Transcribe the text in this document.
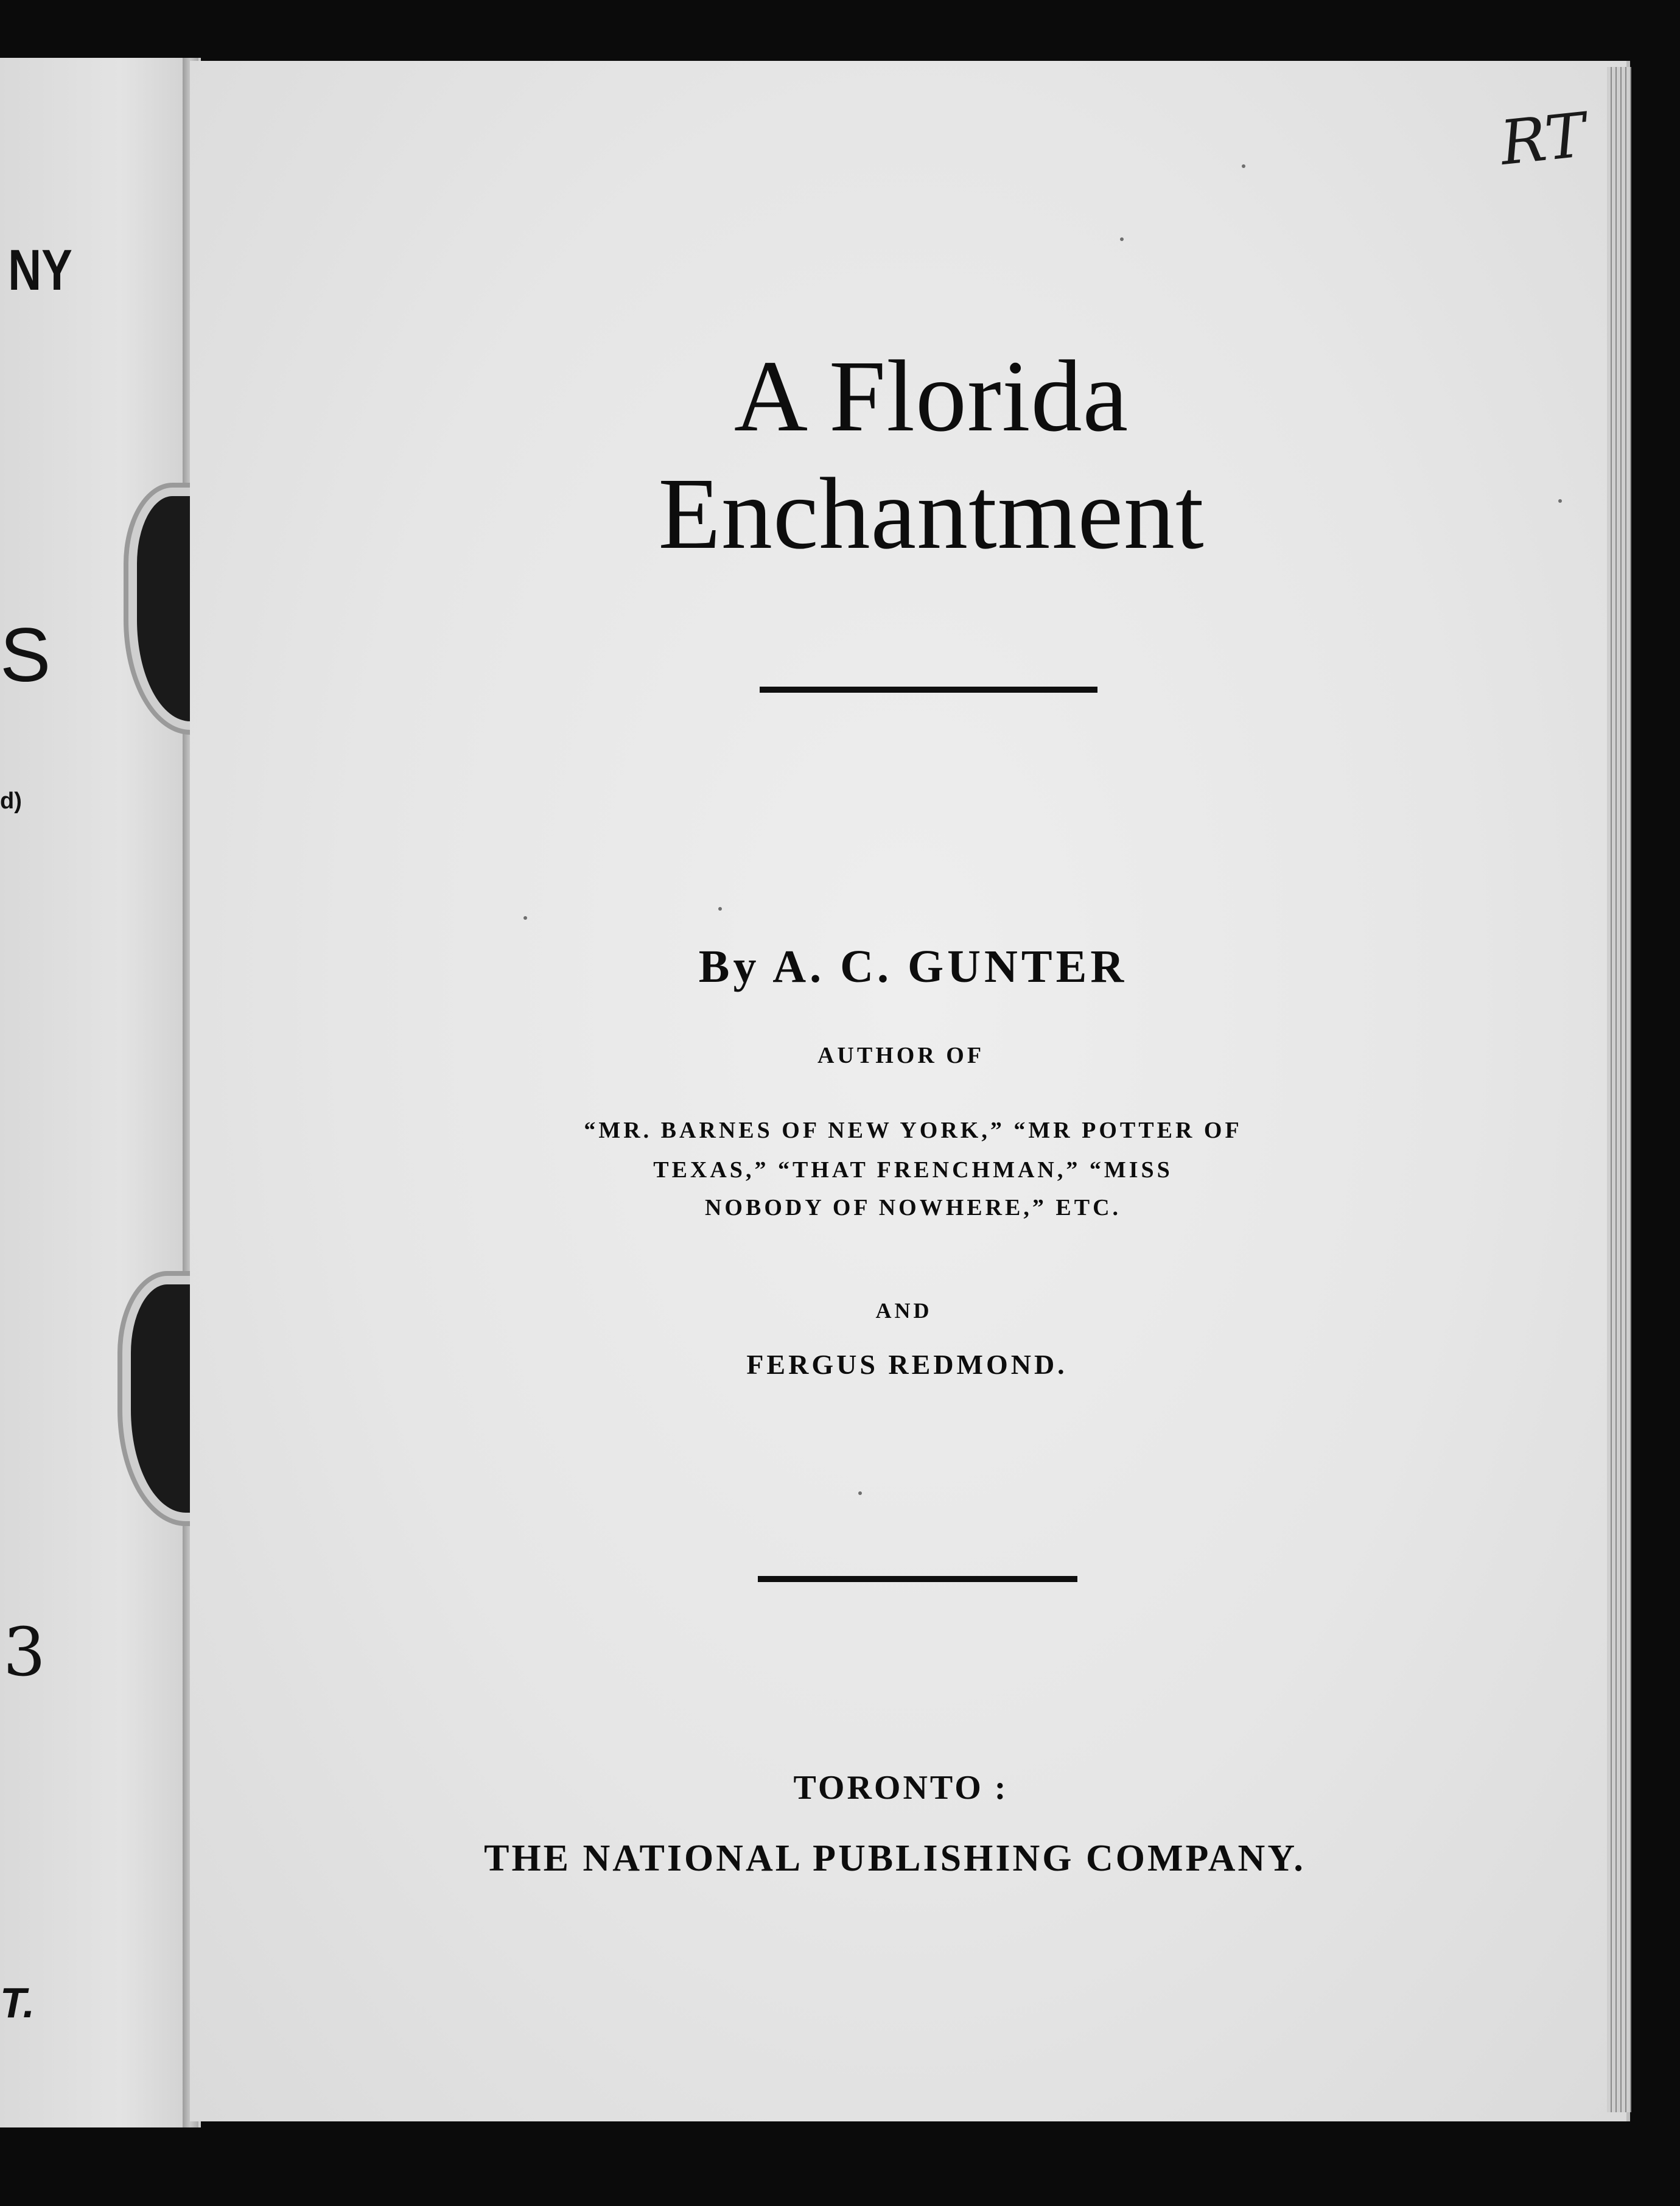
NY
S
d)
3
T.
RT
A Florida Enchantment
By A. C. GUNTER
AUTHOR OF
“MR. BARNES OF NEW YORK,” “MR POTTER OF
TEXAS,” “THAT FRENCHMAN,” “MISS
NOBODY OF NOWHERE,” ETC.
AND
FERGUS REDMOND.
TORONTO :
THE NATIONAL PUBLISHING COMPANY.
